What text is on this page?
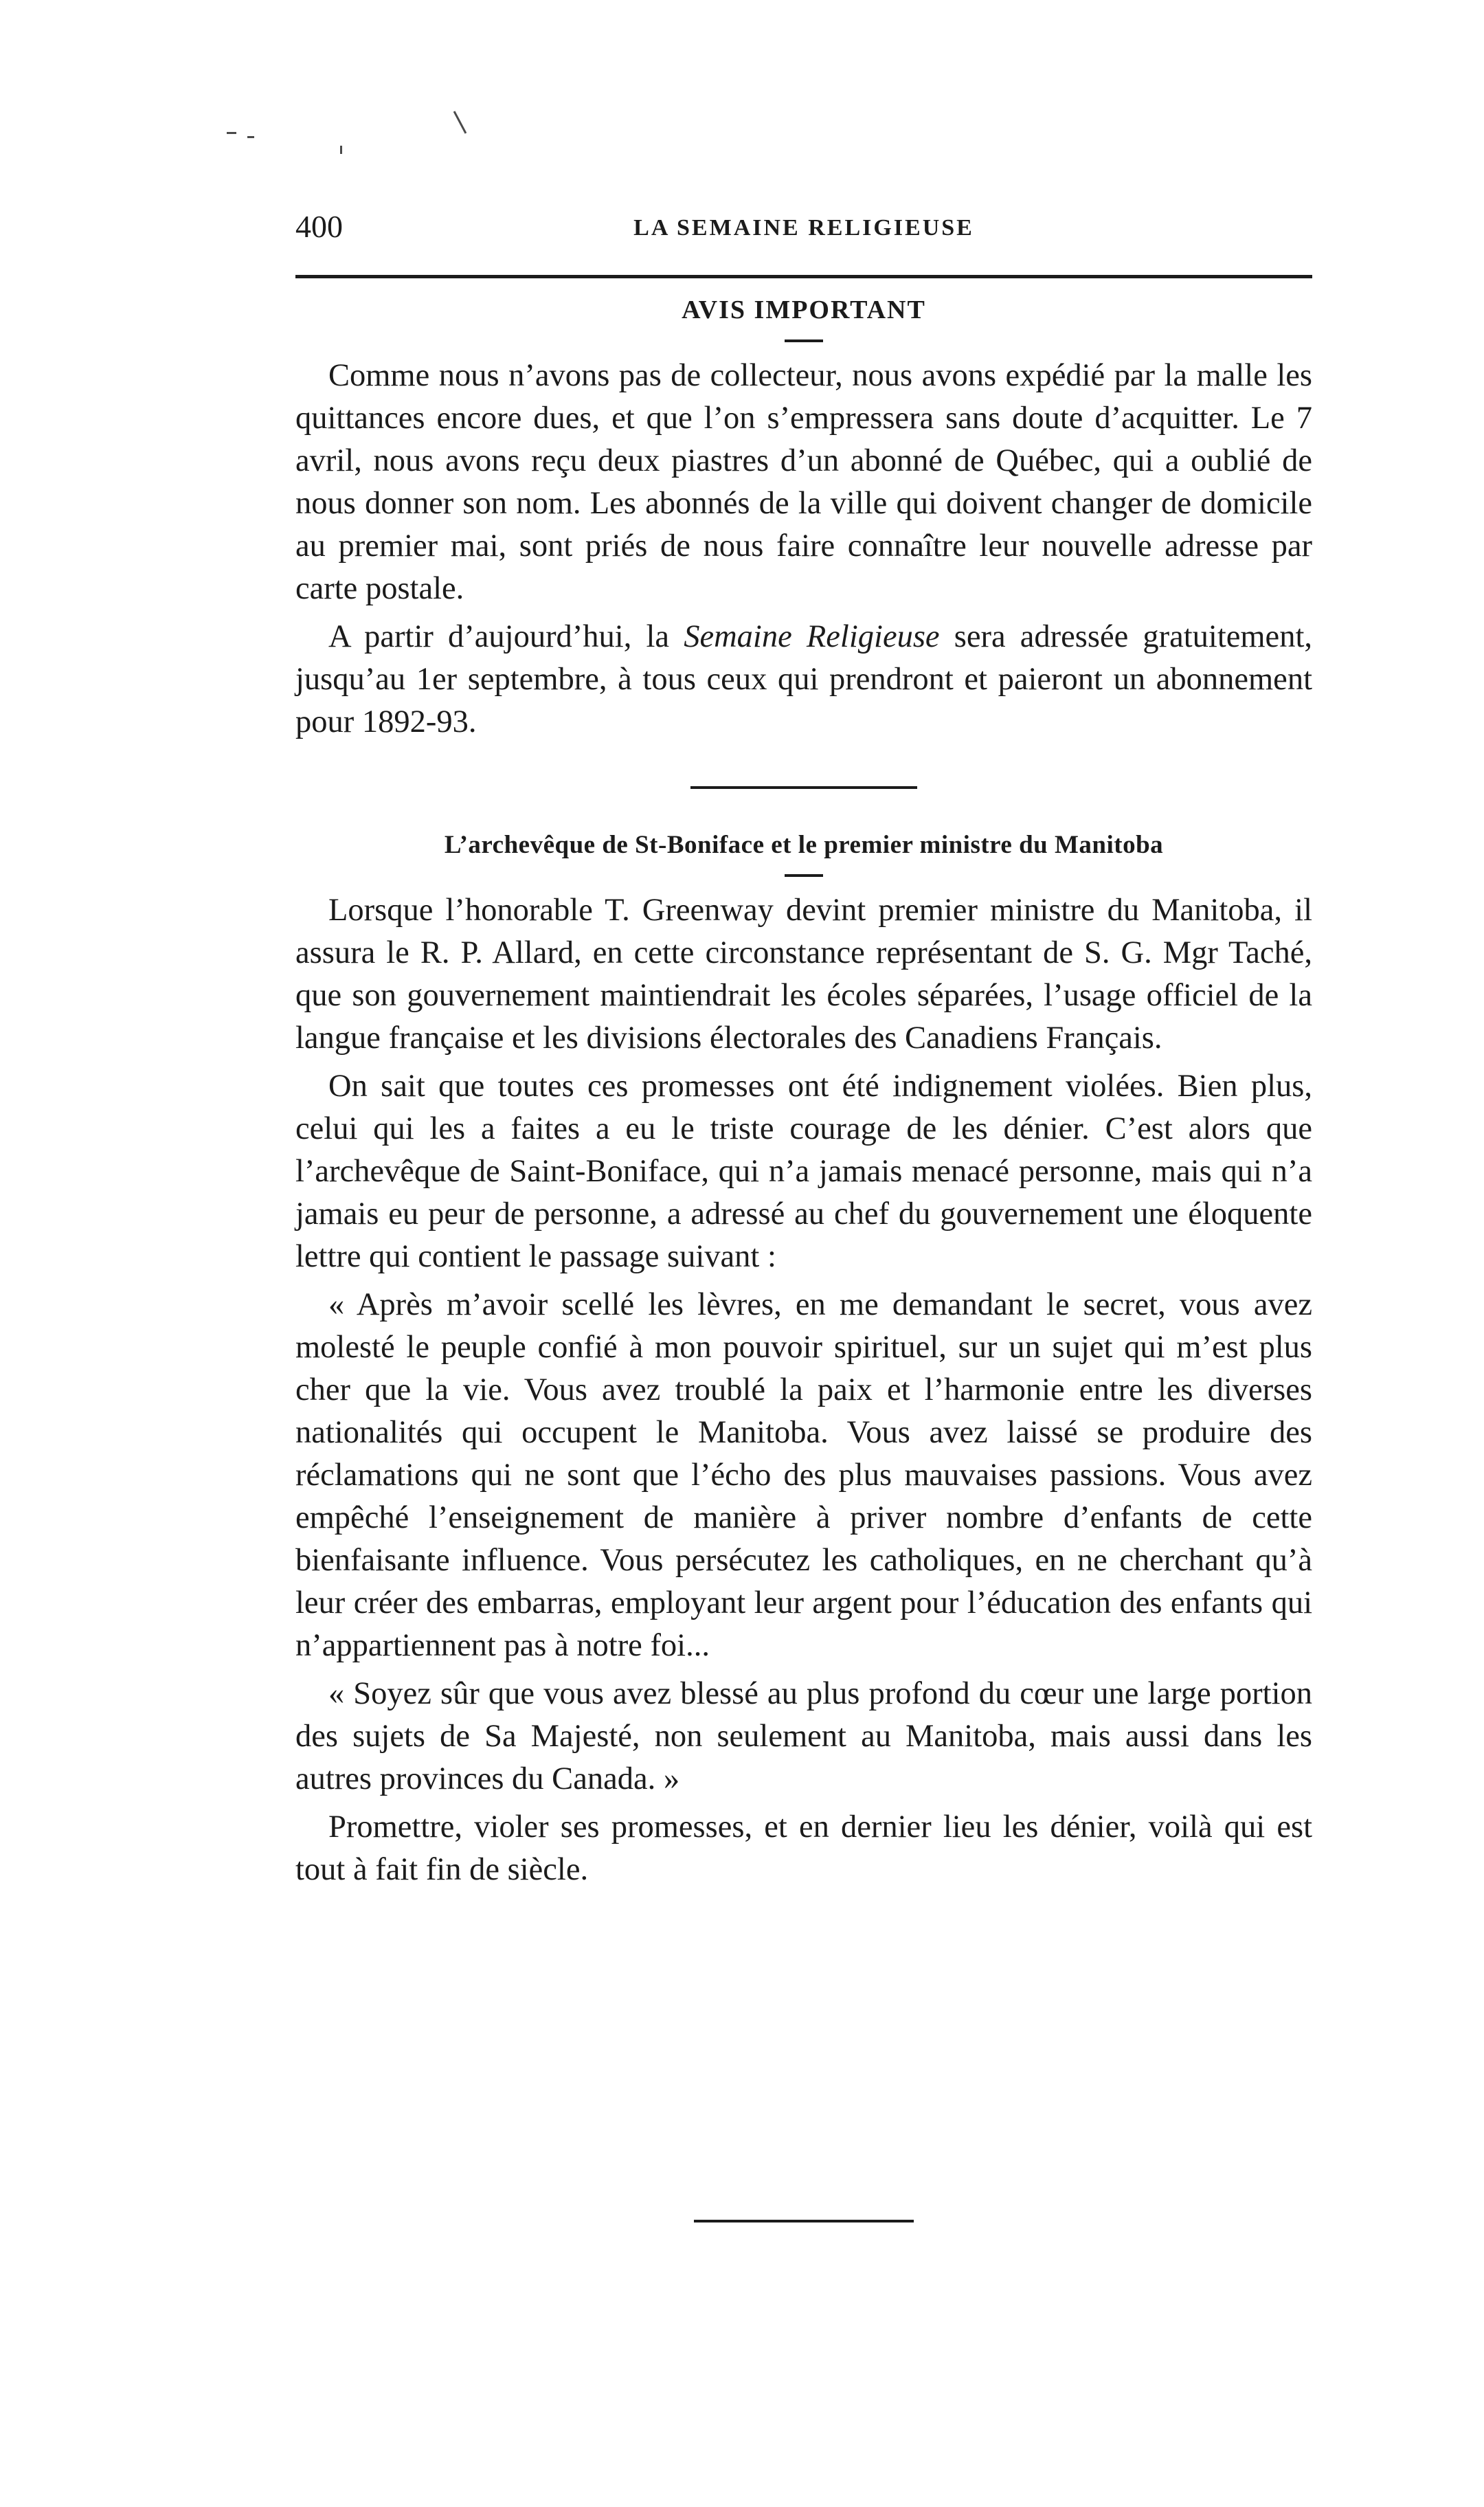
400	LA SEMAINE RELIGIEUSE
AVIS IMPORTANT

Comme nous n’avons pas de collecteur, nous avons expédié par la malle les quittances encore dues, et que l’on s’empressera sans doute d’acquitter. Le 7 avril, nous avons reçu deux piastres d’un abonné de Québec, qui a oublié de nous donner son nom. Les abonnés de la ville qui doivent changer de domicile au premier mai, sont priés de nous faire connaître leur nouvelle adresse par carte postale.

A partir d’aujourd’hui, la Semaine Religieuse sera adressée gratuitement, jusqu’au 1er septembre, à tous ceux qui prendront et paieront un abonnement pour 1892-93.

L’archevêque de St-Boniface et le premier ministre du Manitoba

Lorsque l’honorable T. Greenway devint premier ministre du Manitoba, il assura le R. P. Allard, en cette circonstance représentant de S. G. Mgr Taché, que son gouvernement maintiendrait les écoles séparées, l’usage officiel de la langue française et les divisions électorales des Canadiens Français.

On sait que toutes ces promesses ont été indignement violées. Bien plus, celui qui les a faites a eu le triste courage de les dénier. C’est alors que l’archevêque de Saint-Boniface, qui n’a jamais menacé personne, mais qui n’a jamais eu peur de personne, a adressé au chef du gouvernement une éloquente lettre qui contient le passage suivant :

« Après m’avoir scellé les lèvres, en me demandant le secret, vous avez molesté le peuple confié à mon pouvoir spirituel, sur un sujet qui m’est plus cher que la vie. Vous avez troublé la paix et l’harmonie entre les diverses nationalités qui occupent le Manitoba. Vous avez laissé se produire des réclamations qui ne sont que l’écho des plus mauvaises passions. Vous avez empêché l’enseignement de manière à priver nombre d’enfants de cette bienfaisante influence. Vous persécutez les catholiques, en ne cherchant qu’à leur créer des embarras, employant leur argent pour l’éducation des enfants qui n’appartiennent pas à notre foi...

« Soyez sûr que vous avez blessé au plus profond du cœur une large portion des sujets de Sa Majesté, non seulement au Manitoba, mais aussi dans les autres provinces du Canada. »

Promettre, violer ses promesses, et en dernier lieu les dénier, voilà qui est tout à fait fin de siècle.
